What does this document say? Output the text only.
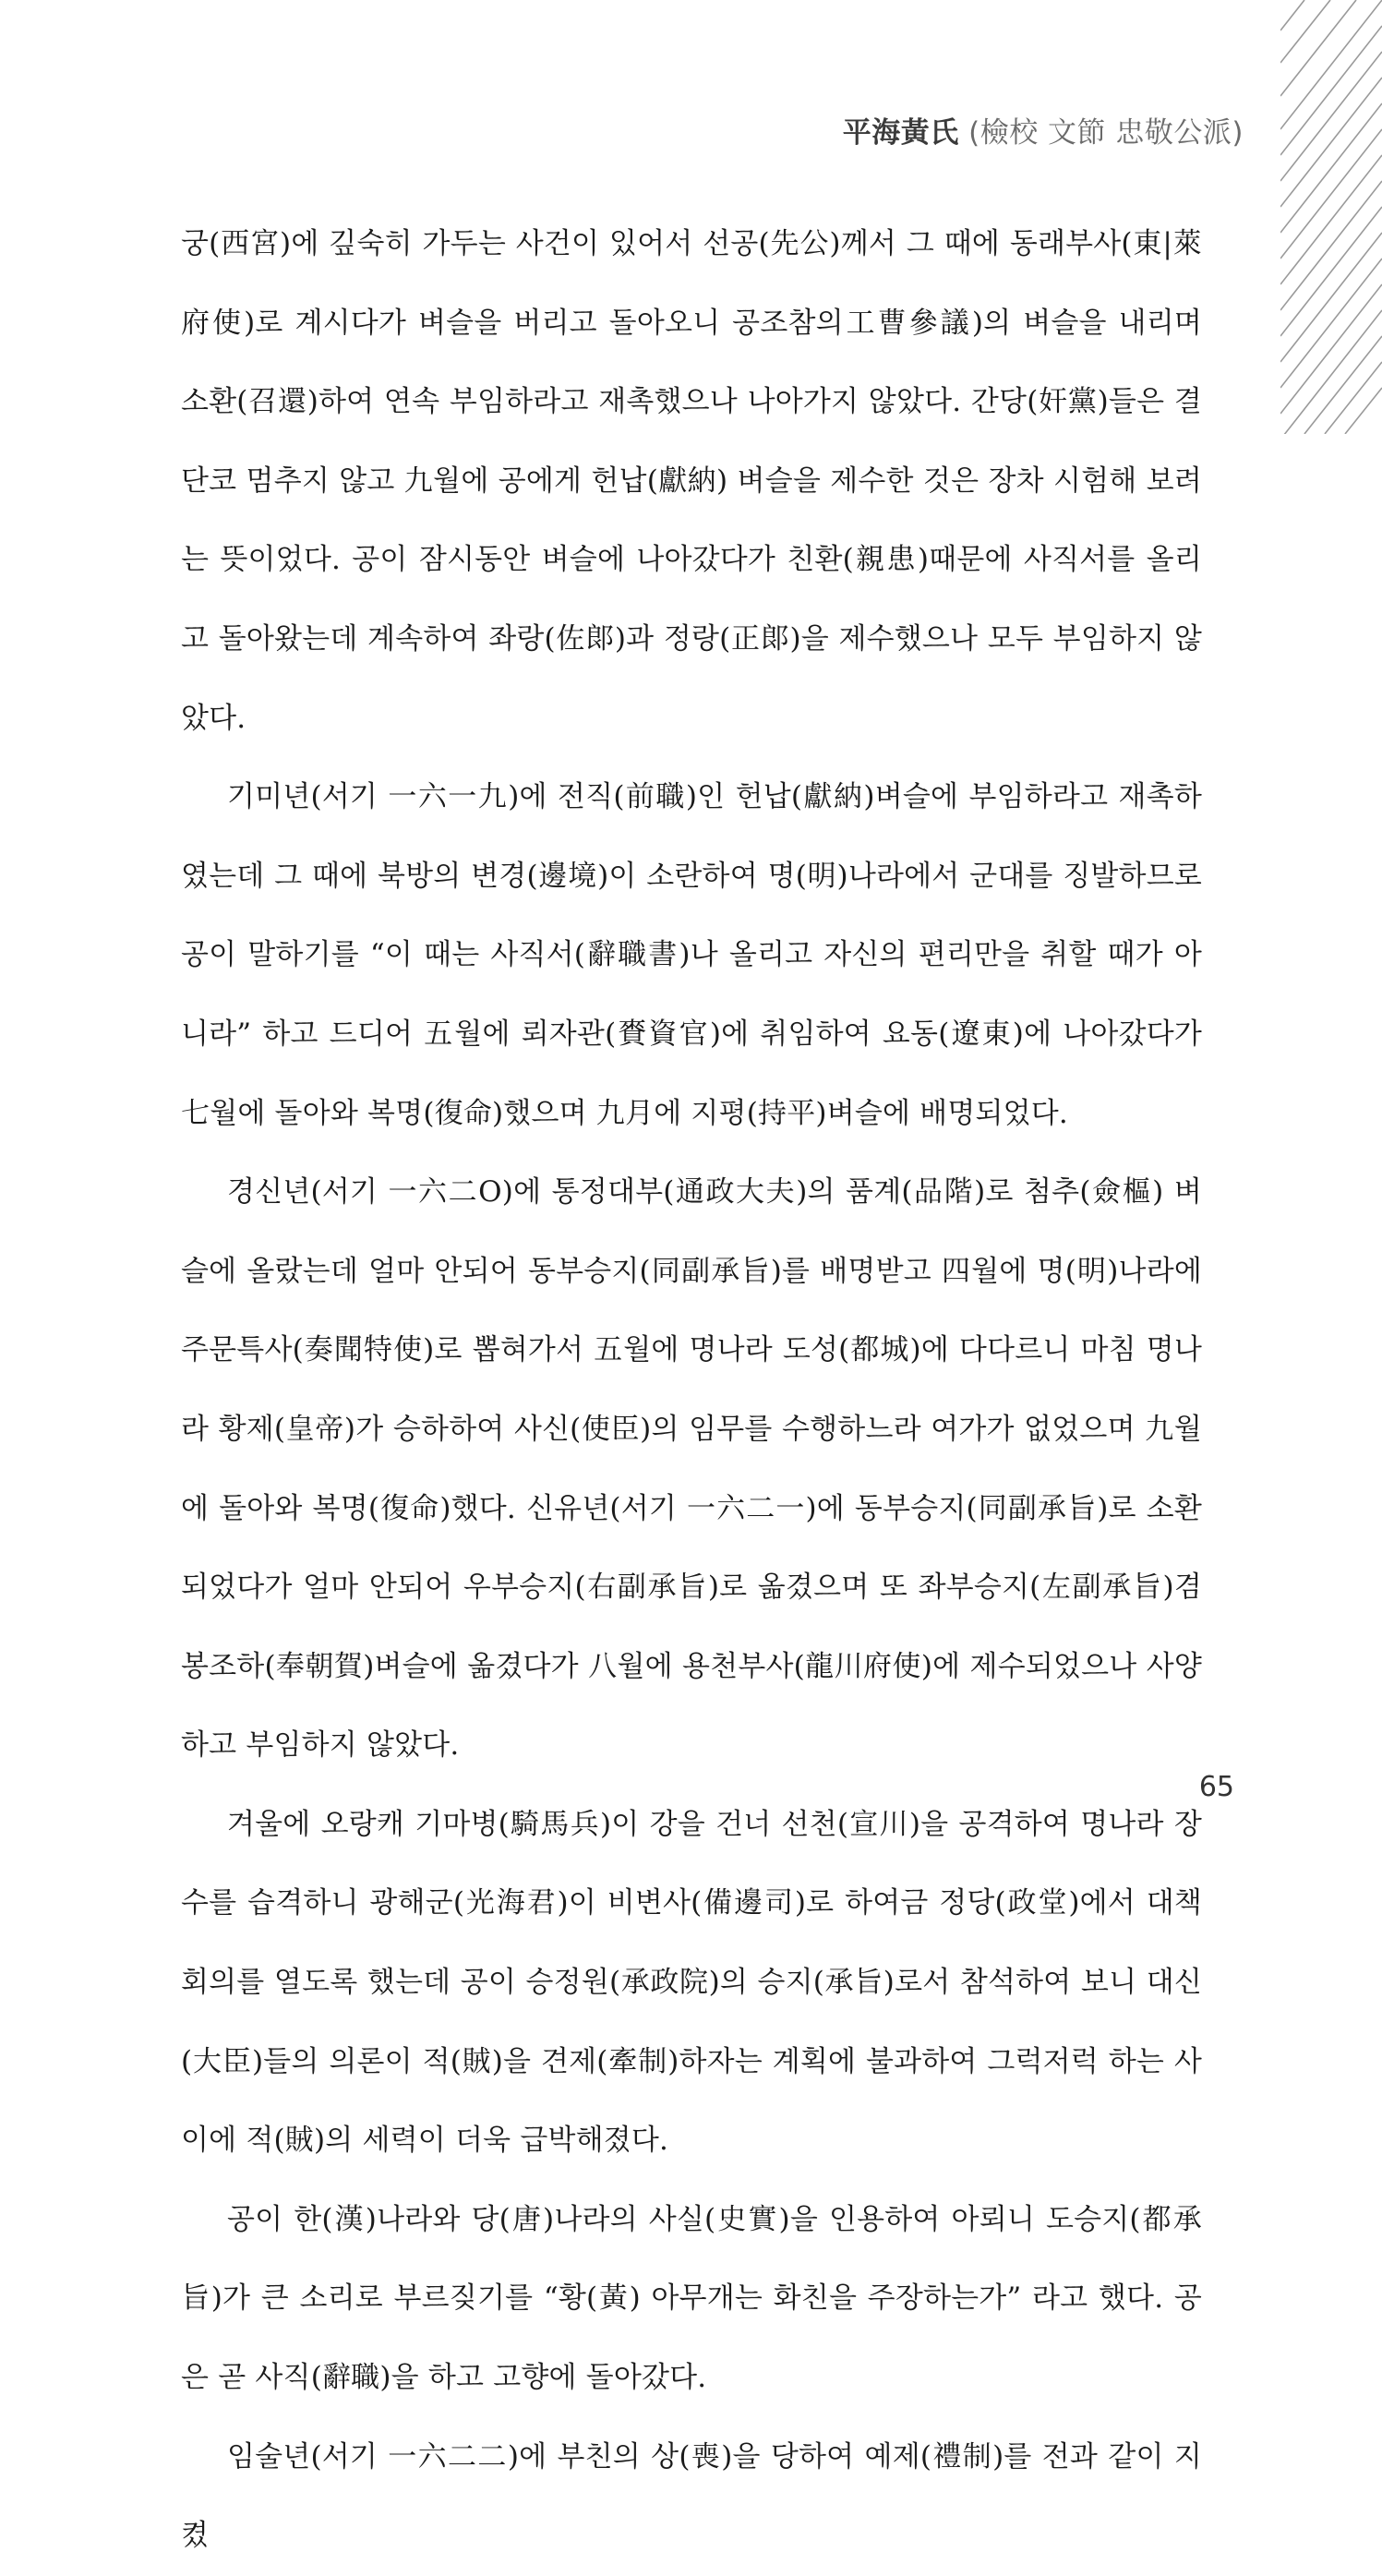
平海黃氏 (檢校 文節 忠敬公派)

궁(西宮)에 깊숙히 가두는 사건이 있어서 선공(先公)께서 그 때에 동래부사(東|萊府使)로 계시다가 벼슬을 버리고 돌아오니 공조참의工曹參議)의 벼슬을 내리며 소환(召還)하여 연속 부임하라고 재촉했으나 나아가지 않았다. 간당(奸黨)들은 결단코 멈추지 않고 九월에 공에게 헌납(獻納) 벼슬을 제수한 것은 장차 시험해 보려는 뜻이었다. 공이 잠시동안 벼슬에 나아갔다가 친환(親患)때문에 사직서를 올리고 돌아왔는데 계속하여 좌랑(佐郞)과 정랑(正郞)을 제수했으나 모두 부임하지 않았다.

기미년(서기 一六一九)에 전직(前職)인 헌납(獻納)벼슬에 부임하라고 재촉하였는데 그 때에 북방의 변경(邊境)이 소란하여 명(明)나라에서 군대를 징발하므로 공이 말하기를 “이 때는 사직서(辭職書)나 올리고 자신의 편리만을 취할 때가 아니라” 하고 드디어 五월에 뢰자관(賚資官)에 취임하여 요동(遼東)에 나아갔다가 七월에 돌아와 복명(復命)했으며 九月에 지평(持平)벼슬에 배명되었다.

경신년(서기 一六二O)에 통정대부(通政大夫)의 품계(品階)로 첨추(僉樞) 벼슬에 올랐는데 얼마 안되어 동부승지(同副承旨)를 배명받고 四월에 명(明)나라에 주문특사(奏聞特使)로 뽑혀가서 五월에 명나라 도성(都城)에 다다르니 마침 명나라 황제(皇帝)가 승하하여 사신(使臣)의 임무를 수행하느라 여가가 없었으며 九월에 돌아와 복명(復命)했다. 신유년(서기 一六二一)에 동부승지(同副承旨)로 소환되었다가 얼마 안되어 우부승지(右副承旨)로 옮겼으며 또 좌부승지(左副承旨)겸 봉조하(奉朝賀)벼슬에 옮겼다가 八월에 용천부사(龍川府使)에 제수되었으나 사양하고 부임하지 않았다.

겨울에 오랑캐 기마병(騎馬兵)이 강을 건너 선천(宣川)을 공격하여 명나라 장수를 습격하니 광해군(光海君)이 비변사(備邊司)로 하여금 정당(政堂)에서 대책회의를 열도록 했는데 공이 승정원(承政院)의 승지(承旨)로서 참석하여 보니 대신(大臣)들의 의론이 적(賊)을 견제(牽制)하자는 계획에 불과하여 그럭저럭 하는 사이에 적(賊)의 세력이 더욱 급박해졌다.

공이 한(漢)나라와 당(唐)나라의 사실(史實)을 인용하여 아뢰니 도승지(都承旨)가 큰 소리로 부르짖기를 “황(黃) 아무개는 화친을 주장하는가” 라고 했다. 공은 곧 사직(辭職)을 하고 고향에 돌아갔다.

임술년(서기 一六二二)에 부친의 상(喪)을 당하여 예제(禮制)를 전과 같이 지켰

65
